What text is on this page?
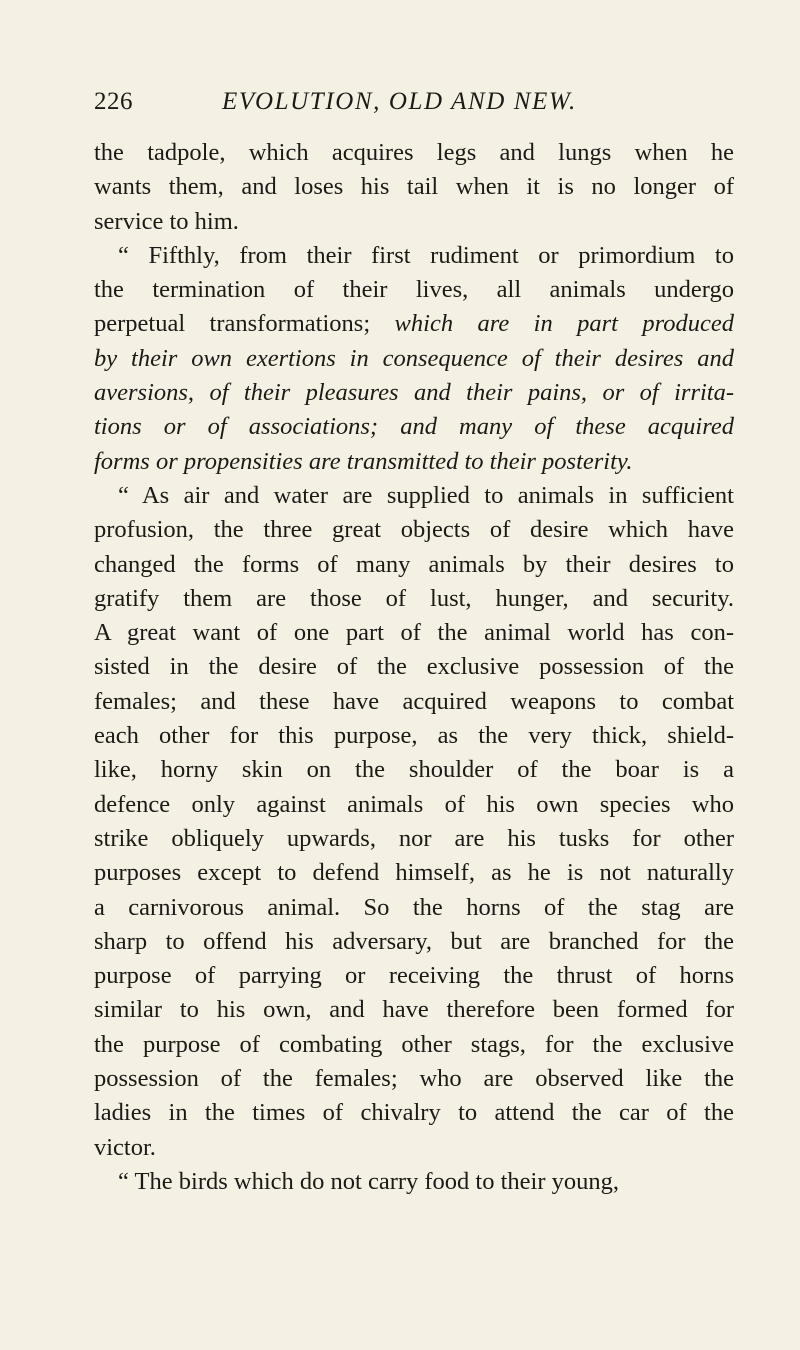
226	EVOLUTION, OLD AND NEW.
the tadpole, which acquires legs and lungs when he
wants them, and loses his tail when it is no longer of
service to him.
“ Fifthly, from their first rudiment or primordium to
the termination of their lives, all animals undergo
perpetual transformations; which are in part produced
by their own exertions in consequence of their desires and
aversions, of their pleasures and their pains, or of irrita-
tions or of associations; and many of these acquired
forms or propensities are transmitted to their posterity.
“ As air and water are supplied to animals in sufficient
profusion, the three great objects of desire which have
changed the forms of many animals by their desires to
gratify them are those of lust, hunger, and security.
A great want of one part of the animal world has con-
sisted in the desire of the exclusive possession of the
females; and these have acquired weapons to combat
each other for this purpose, as the very thick, shield-
like, horny skin on the shoulder of the boar is a
defence only against animals of his own species who
strike obliquely upwards, nor are his tusks for other
purposes except to defend himself, as he is not naturally
a carnivorous animal. So the horns of the stag are
sharp to offend his adversary, but are branched for the
purpose of parrying or receiving the thrust of horns
similar to his own, and have therefore been formed for
the purpose of combating other stags, for the exclusive
possession of the females; who are observed like the
ladies in the times of chivalry to attend the car of the
victor.
“ The birds which do not carry food to their young,
